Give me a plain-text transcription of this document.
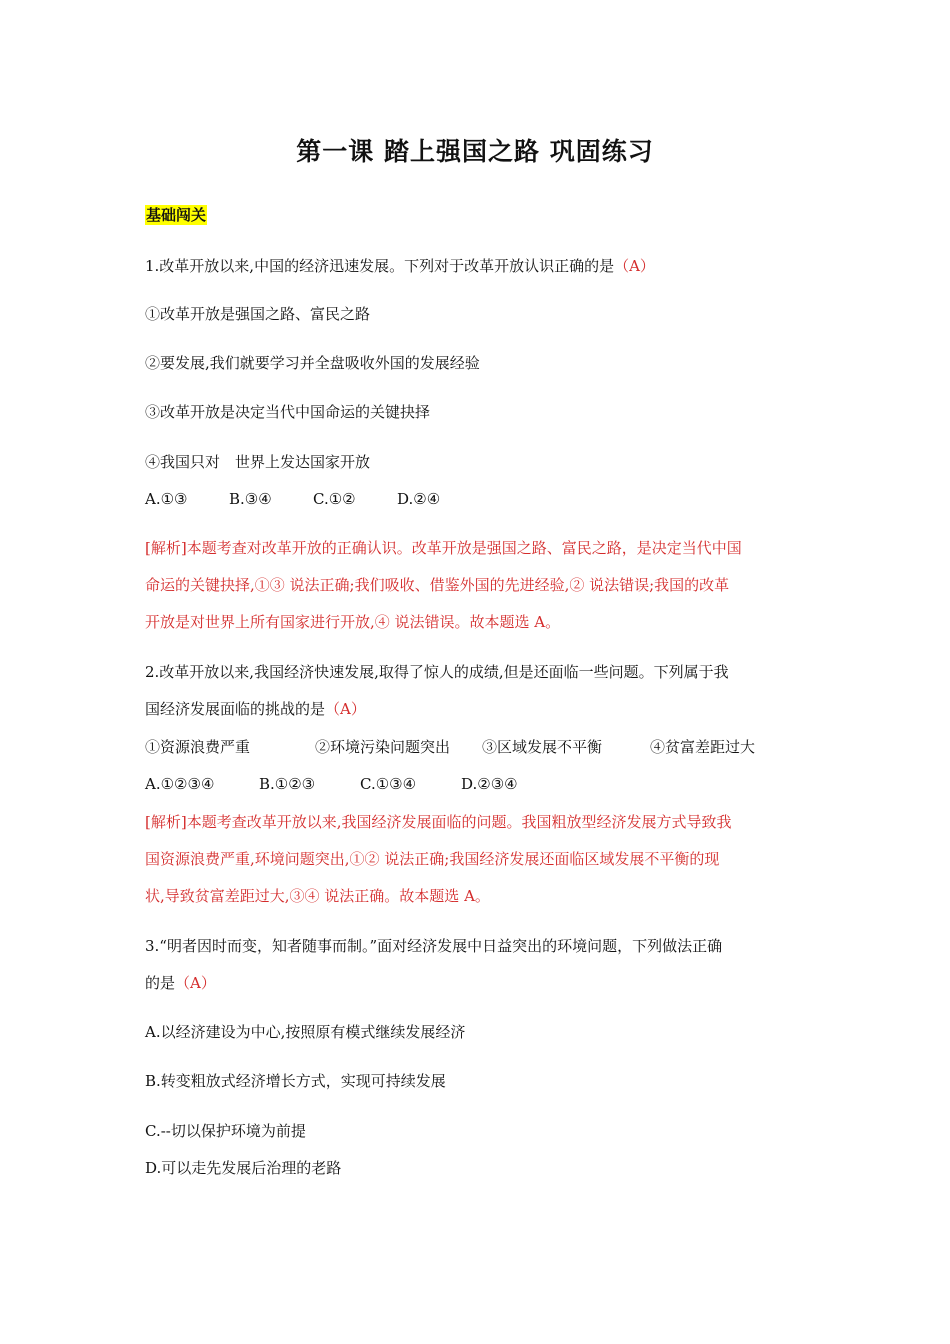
第一课 踏上强国之路 巩固练习
基础闯关
1.改革开放以来,中国的经济迅速发展。下列对于改革开放认识正确的是（A）
①改革开放是强国之路、富民之路
②要发展,我们就要学习并全盘吸收外国的发展经验
③改革开放是决定当代中国命运的关键抉择
④我国只对　世界上发达国家开放
A.①③	B.③④	C.①②	D.②④
[解析]本题考查对改革开放的正确认识。改革开放是强国之路、富民之路，是决定当代中国
命运的关键抉择,①③ 说法正确;我们吸收、借鉴外国的先进经验,② 说法错误;我国的改革
开放是对世界上所有国家进行开放,④ 说法错误。故本题选 A。
2.改革开放以来,我国经济快速发展,取得了惊人的成绩,但是还面临一些问题。下列属于我
国经济发展面临的挑战的是（A）
①资源浪费严重	②环境污染问题突出 ③区域发展不平衡	④贫富差距过大
A.①②③④	B.①②③	C.①③④	D.②③④
[解析]本题考查改革开放以来,我国经济发展面临的问题。我国粗放型经济发展方式导致我
国资源浪费严重,环境问题突出,①② 说法正确;我国经济发展还面临区域发展不平衡的现
状,导致贫富差距过大,③④ 说法正确。故本题选 A。
3.“明者因时而变，知者随事而制。”面对经济发展中日益突出的环境问题，下列做法正确
的是（A）
A.以经济建设为中心,按照原有模式继续发展经济
B.转变粗放式经济增长方式，实现可持续发展
C.--切以保护环境为前提
D.可以走先发展后治理的老路
